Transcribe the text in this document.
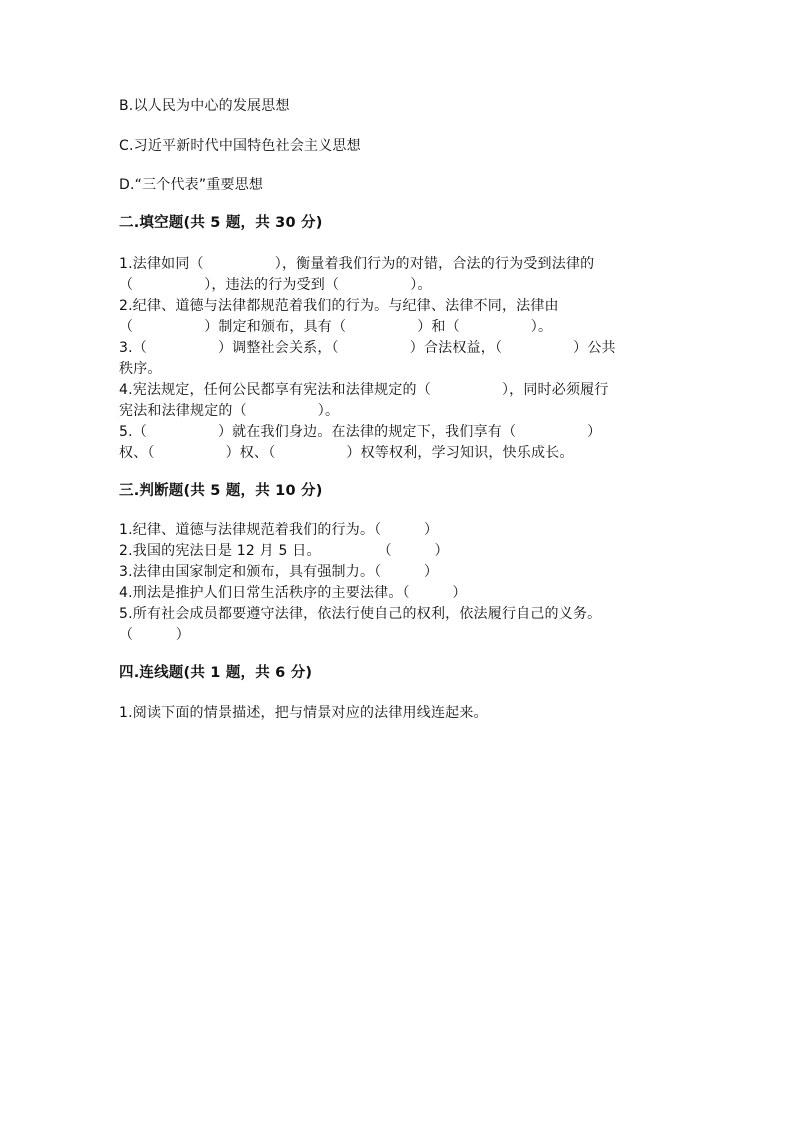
B.以人民为中心的发展思想
C.习近平新时代中国特色社会主义思想
D.“三个代表”重要思想
二.填空题(共 5 题，共 30 分)
1.法律如同（　　　　　），衡量着我们行为的对错，合法的行为受到法律的
（　　　　　），违法的行为受到（　　　　　）。
2.纪律、道德与法律都规范着我们的行为。与纪律、法律不同，法律由
（　　　　　）制定和颁布，具有（　　　　　）和（　　　　　）。
3.（　　　　　）调整社会关系，（　　　　　）合法权益，（　　　　　）公共
秩序。
4.宪法规定，任何公民都享有宪法和法律规定的（　　　　　），同时必须履行
宪法和法律规定的（　　　　　）。
5.（　　　　　）就在我们身边。在法律的规定下，我们享有（　　　　　）
权、（　　　　　）权、（　　　　　）权等权利，学习知识，快乐成长。
三.判断题(共 5 题，共 10 分)
1.纪律、道德与法律规范着我们的行为。（　　　）
2.我国的宪法日是 12 月 5 日。　　　　　（　　　）
3.法律由国家制定和颁布，具有强制力。（　　　）
4.刑法是推护人们日常生活秩序的主要法律。（　　　）
5.所有社会成员都要遵守法律，依法行使自己的权利，依法履行自己的义务。
（　　　）
四.连线题(共 1 题，共 6 分)
1.阅读下面的情景描述，把与情景对应的法律用线连起来。
